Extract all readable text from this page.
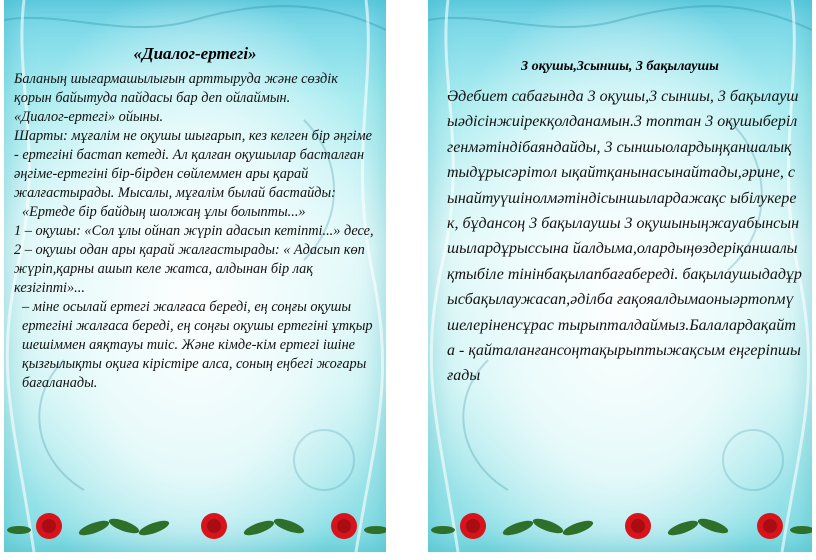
«Диалог-ертегі»

Баланың шығармашылығын арттыруда және сөздік қорын байытуда пайдасы бар деп ойлаймын.

«Диалог-ертегі» ойыны.

Шарты: мұғалім не оқушы шығарып, кез келген бір әңгіме - ертегіні бастап кетеді. Ал қалған оқушылар басталған әңгіме-ертегіні бір-бірден сөйлеммен ары қарай жалғастырады. Мысалы, мұғалім былай бастайды:

«Ертеде бір байдың шолжаң ұлы болыпты...»

1 – оқушы: «Сол ұлы ойнап жүріп адасып кетіпті...» десе,

2 – оқушы одан ары қарай жалғастырады: « Адасып көп жүріп,қарны ашып келе жатса, алдынан бір лақ кезігіпті»...

– міне осылай ертегі жалғаса береді, ең соңғы оқушы ертегіні жалғаса береді, ең соңғы оқушы ертегіні ұтқыр шешіммен аяқтауы тиіс. Және кімде-кім ертегі ішіне қызғылықты оқиға кірістіре алса, соның еңбегі жоғары бағаланады.

3 оқушы,3сыншы, 3 бақылаушы

Әдебиет сабағында 3 оқушы,3 сыншы, 3 бақылаушыәдісінжиірекқолданамын.3 топтан 3 оқушыберілгенмәтіндібаяндайды, 3 сыншыолардыңқаншалықтыдұрысәрітол ықайтқанынасынайтады,әрине, сынайтуүшінолмәтіндісыншылардажақс ыбілукерек, бұдансоң 3 бақылаушы 3 оқушыныңжауабынсыншылардұрыссына йалдыма,олардыңөздеріқаншалықтыбіле тінінбақылапбағабереді. бақылаушыдадұрысбақылаужасап,әділба ғақояалдымаоныәртопмүшелеріненсұрас тырыпталдаймыз.Балалардақайта - қайталанғансоңтақырыптыжақсым еңгеріпшығады
